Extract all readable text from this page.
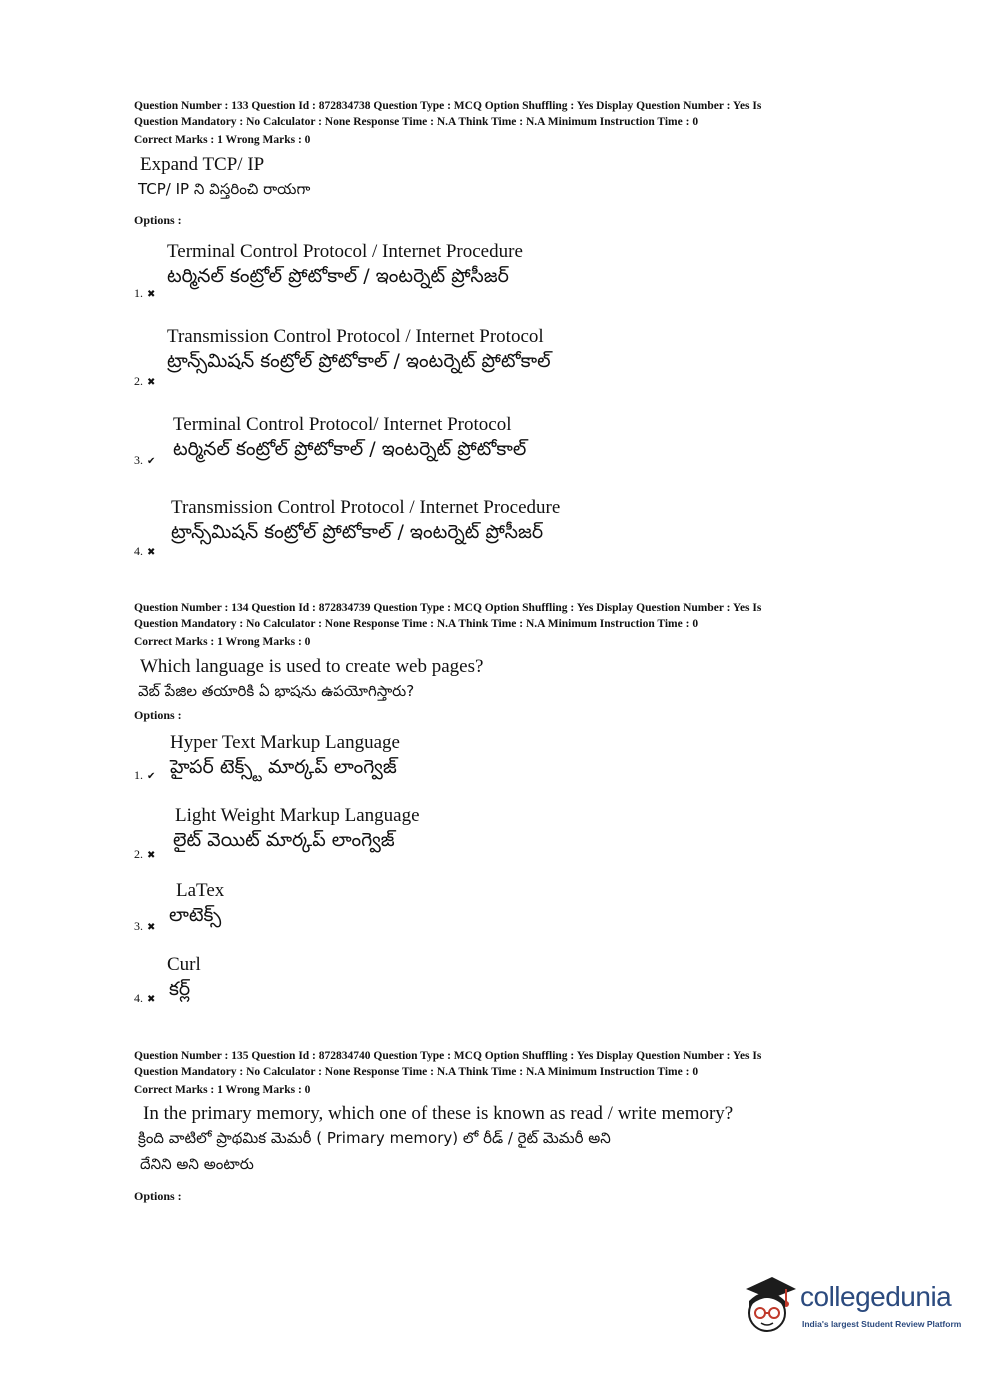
Question Number : 133 Question Id : 872834738 Question Type : MCQ Option Shuffling : Yes Display Question Number : Yes Is
Question Mandatory : No Calculator : None Response Time : N.A Think Time : N.A Minimum Instruction Time : 0
Correct Marks : 1 Wrong Marks : 0
Expand TCP/ IP
TCP/ IP ని విస్తరించి రాయగా
Options :
Terminal Control Protocol / Internet Procedure
టర్మినల్ కంట్రోల్ ప్రోటోకాల్ / ఇంటర్నెట్ ప్రోసీజర్
1. ✖
Transmission Control Protocol / Internet Protocol
ట్రాన్స్‌మిషన్ కంట్రోల్ ప్రోటోకాల్ / ఇంటర్నెట్ ప్రోటోకాల్
2. ✖
Terminal Control Protocol/ Internet Protocol
టర్మినల్ కంట్రోల్ ప్రోటోకాల్ / ఇంటర్నెట్ ప్రోటోకాల్
3. ✔
Transmission Control Protocol / Internet Procedure
ట్రాన్స్‌మిషన్ కంట్రోల్ ప్రోటోకాల్ / ఇంటర్నెట్ ప్రోసీజర్
4. ✖
Question Number : 134 Question Id : 872834739 Question Type : MCQ Option Shuffling : Yes Display Question Number : Yes Is
Question Mandatory : No Calculator : None Response Time : N.A Think Time : N.A Minimum Instruction Time : 0
Correct Marks : 1 Wrong Marks : 0
Which language is used to create web pages?
వెబ్ పేజిల తయారికి ఏ భాషను ఉపయోగిస్తారు?
Options :
Hyper Text Markup Language
హైపర్ టెక్స్ట్ మార్కప్ లాంగ్వెజ్
1. ✔
Light Weight Markup Language
లైట్ వెయిట్ మార్కప్ లాంగ్వెజ్
2. ✖
LaTex
లాటెక్స్
3. ✖
Curl
కర్ల్
4. ✖
Question Number : 135 Question Id : 872834740 Question Type : MCQ Option Shuffling : Yes Display Question Number : Yes Is
Question Mandatory : No Calculator : None Response Time : N.A Think Time : N.A Minimum Instruction Time : 0
Correct Marks : 1 Wrong Marks : 0
In the primary memory, which one of these is known as read / write memory?
క్రింది వాటిలో ప్రాథమిక మెమరీ ( Primary memory) లో రీడ్ / రైట్ మెమరీ అని
దేనిని అని అంటారు
Options :
collegedunia
India's largest Student Review Platform
